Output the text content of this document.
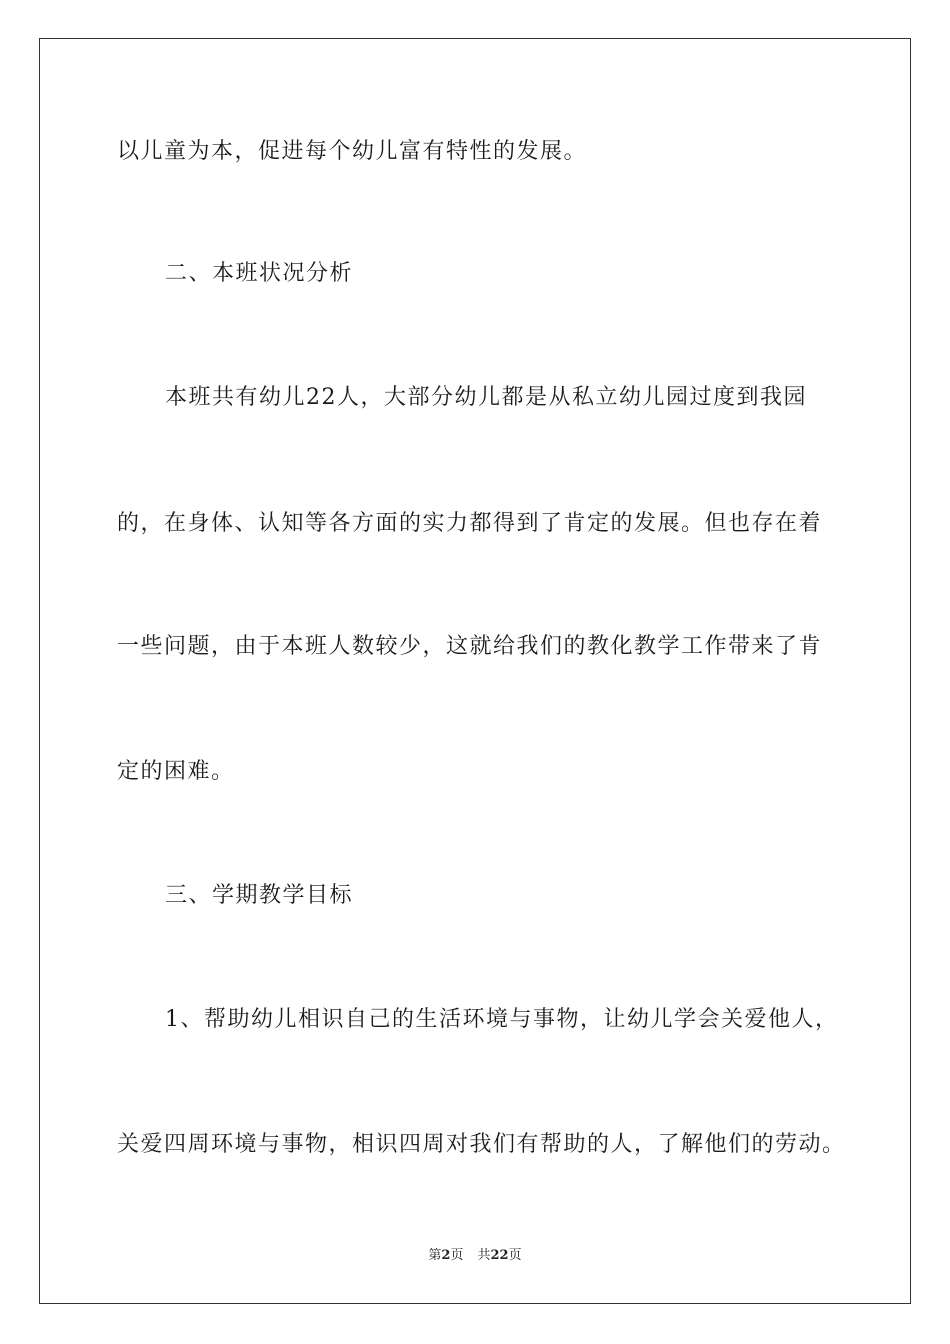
以儿童为本，促进每个幼儿富有特性的发展。
二、本班状况分析
本班共有幼儿22人，大部分幼儿都是从私立幼儿园过度到我园
的，在身体、认知等各方面的实力都得到了肯定的发展。但也存在着
一些问题，由于本班人数较少，这就给我们的教化教学工作带来了肯
定的困难。
三、学期教学目标
1、帮助幼儿相识自己的生活环境与事物，让幼儿学会关爱他人，
关爱四周环境与事物，相识四周对我们有帮助的人，了解他们的劳动。
第2页 共22页
